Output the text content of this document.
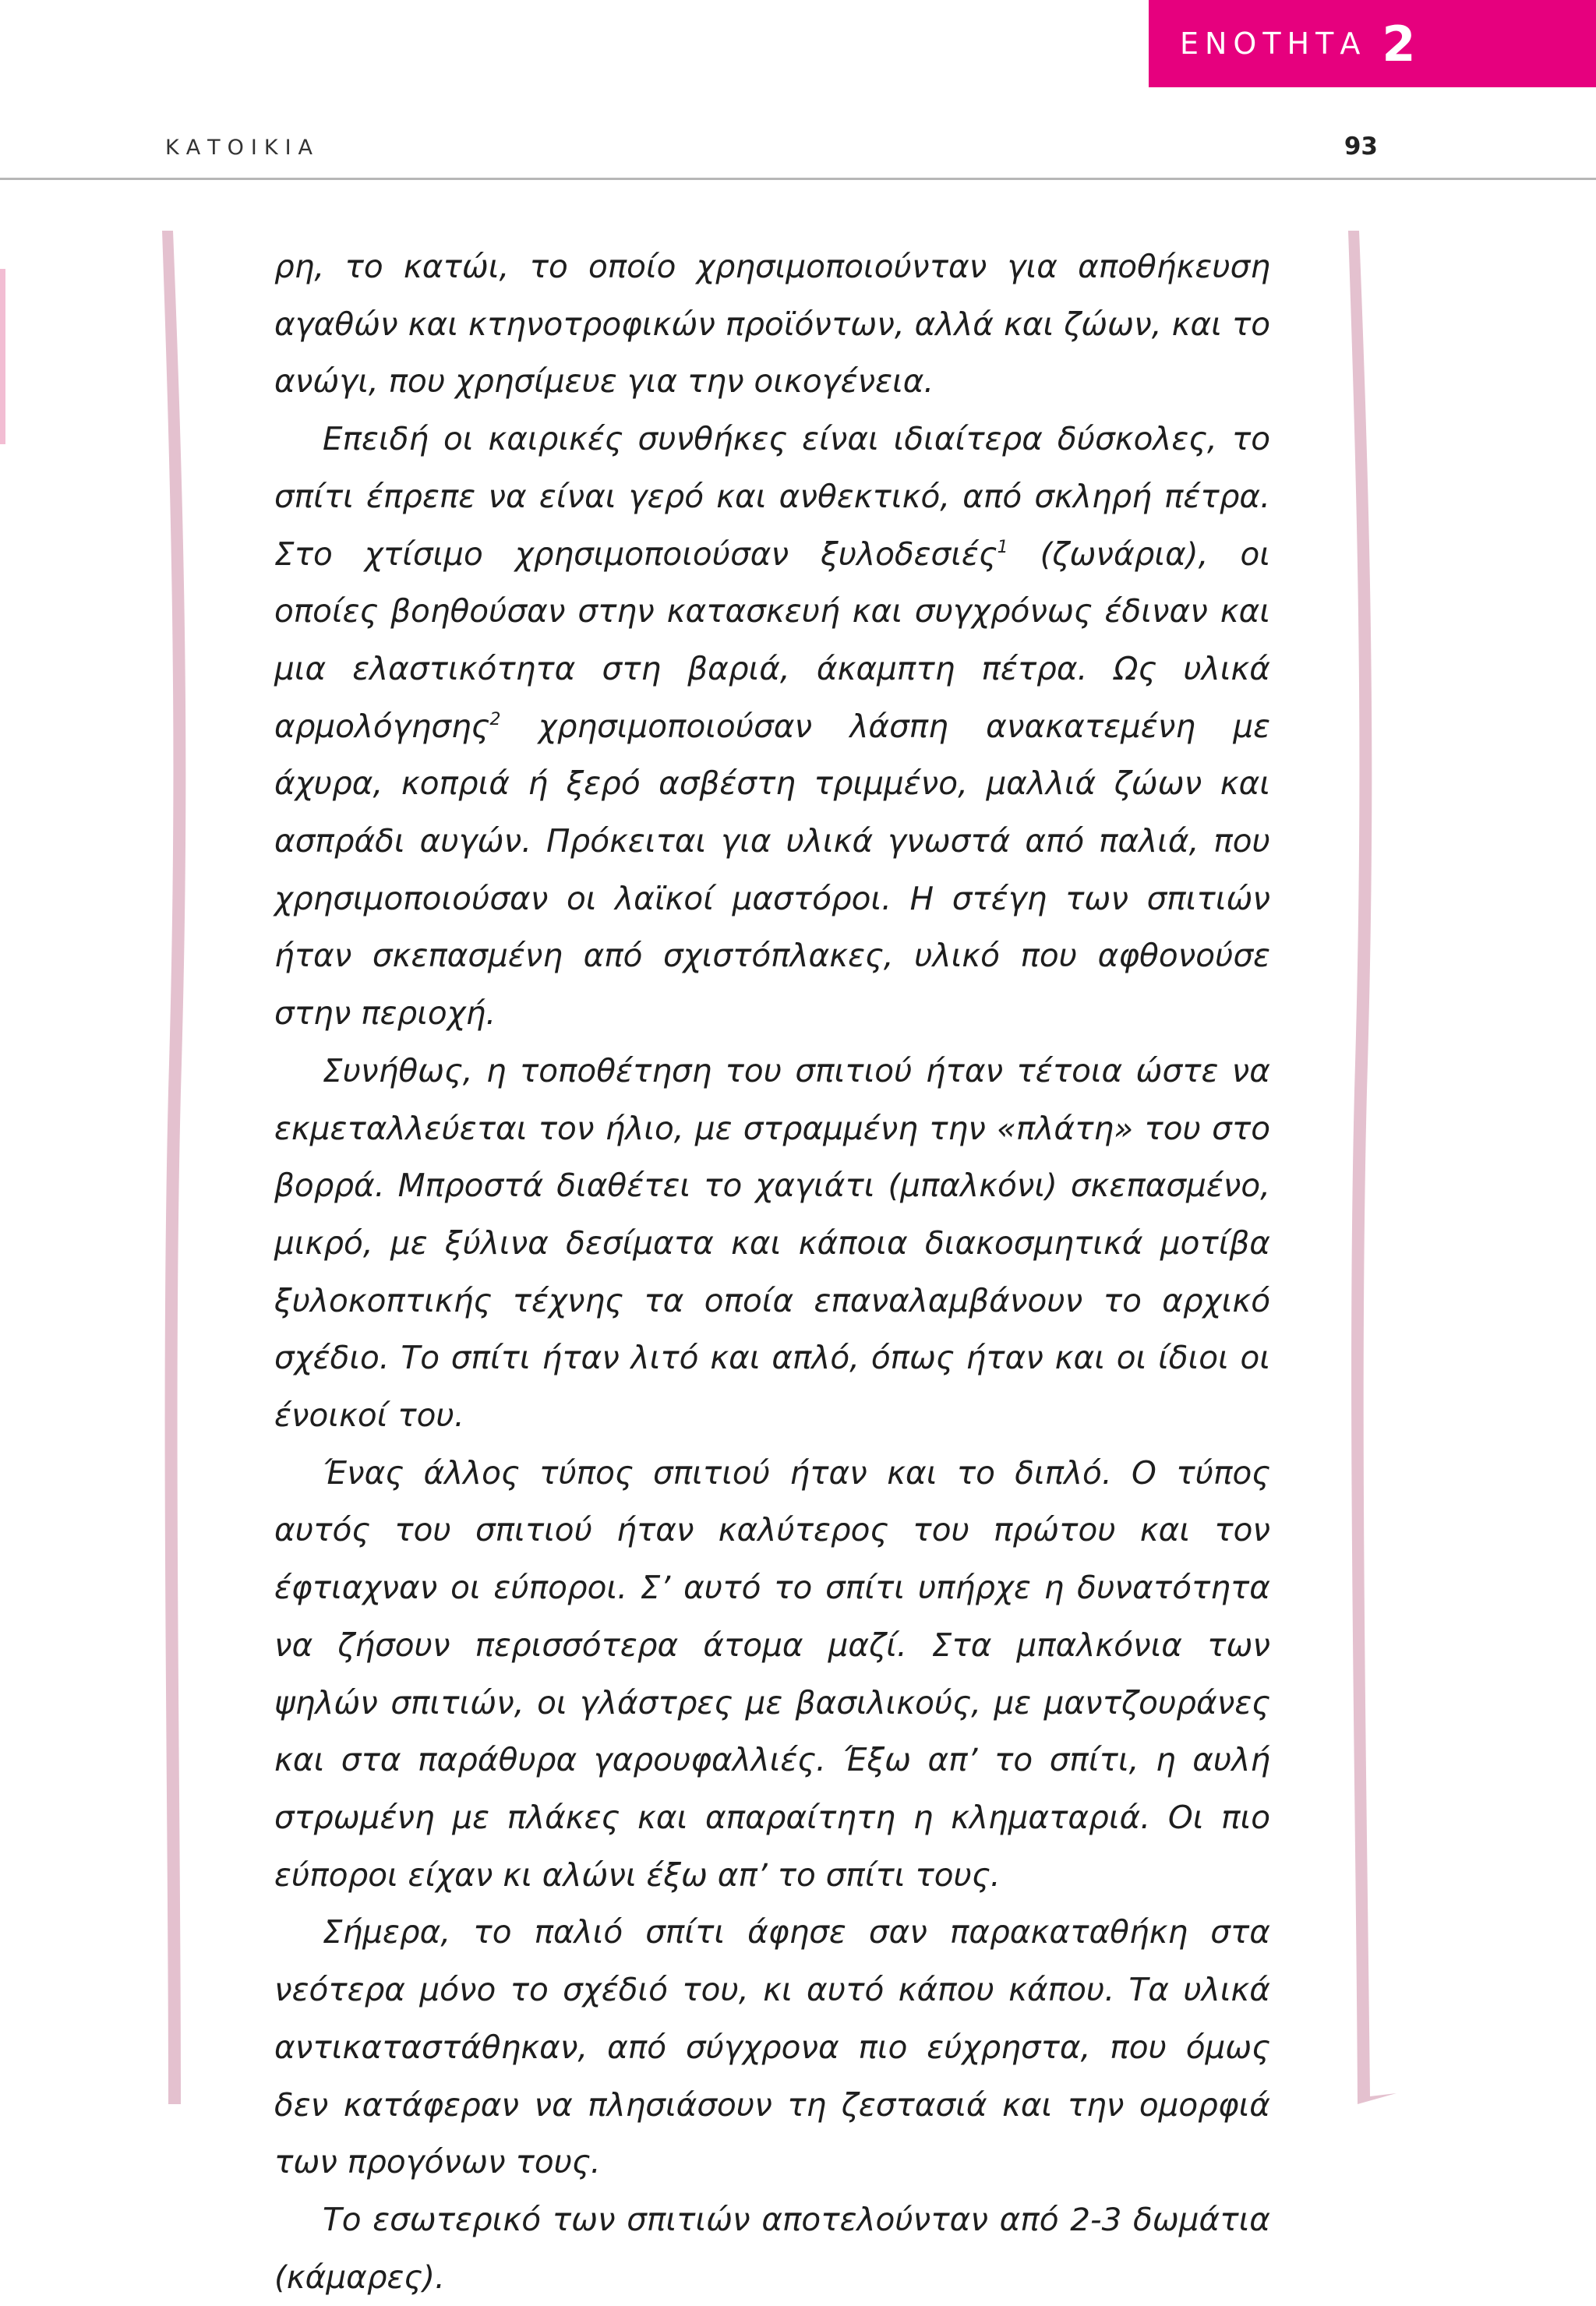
ΕΝΟΤΗΤΑ 2
ΚΑΤΟΙΚΙΑ	93

ρη, το κατώι, το οποίο χρησιμοποιούνταν για αποθήκευση αγαθών και κτηνοτροφικών προϊόντων, αλλά και ζώων, και το ανώγι, που χρησίμευε για την οικογένεια.

Επειδή οι καιρικές συνθήκες είναι ιδιαίτερα δύσκολες, το σπίτι έπρεπε να είναι γερό και ανθεκτικό, από σκληρή πέτρα. Στο χτίσιμο χρησιμοποιούσαν ξυλοδεσιές$^1$ (ζωνάρια), οι οποίες βοηθούσαν στην κατασκευή και συγχρόνως έδιναν και μια ελαστικότητα στη βαριά, άκαμπτη πέτρα. Ως υλικά αρμολόγησης$^2$ χρησιμοποιούσαν λάσπη ανακατεμένη με άχυρα, κοπριά ή ξερό ασβέστη τριμμένο, μαλλιά ζώων και ασπράδι αυγών. Πρόκειται για υλικά γνωστά από παλιά, που χρησιμοποιούσαν οι λαϊκοί μαστόροι. Η στέγη των σπιτιών ήταν σκεπασμένη από σχιστόπλακες, υλικό που αφθονούσε στην περιοχή.

Συνήθως, η τοποθέτηση του σπιτιού ήταν τέτοια ώστε να εκμεταλλεύεται τον ήλιο, με στραμμένη την «πλάτη» του στο βορρά. Μπροστά διαθέτει το χαγιάτι (μπαλκόνι) σκεπασμένο, μικρό, με ξύλινα δεσίματα και κάποια διακοσμητικά μοτίβα ξυλοκοπτικής τέχνης τα οποία επαναλαμβάνουν το αρχικό σχέδιο. Το σπίτι ήταν λιτό και απλό, όπως ήταν και οι ίδιοι οι ένοικοί του.

Ένας άλλος τύπος σπιτιού ήταν και το διπλό. Ο τύπος αυτός του σπιτιού ήταν καλύτερος του πρώτου και τον έφτιαχναν οι εύποροι. Σ’ αυτό το σπίτι υπήρχε η δυνατότητα να ζήσουν περισσότερα άτομα μαζί. Στα μπαλκόνια των ψηλών σπιτιών, οι γλάστρες με βασιλικούς, με μαντζουράνες και στα παράθυρα γαρουφαλλιές. Έξω απ’ το σπίτι, η αυλή στρωμένη με πλάκες και απαραίτητη η κληματαριά. Οι πιο εύποροι είχαν κι αλώνι έξω απ’ το σπίτι τους.

Σήμερα, το παλιό σπίτι άφησε σαν παρακαταθήκη στα νεότερα μόνο το σχέδιό του, κι αυτό κάπου κάπου. Τα υλικά αντικαταστάθηκαν, από σύγχρονα πιο εύχρηστα, που όμως δεν κατάφεραν να πλησιάσουν τη ζεστασιά και την ομορφιά των προγόνων τους.

Το εσωτερικό των σπιτιών αποτελούνταν από 2-3 δωμάτια (κάμαρες).
